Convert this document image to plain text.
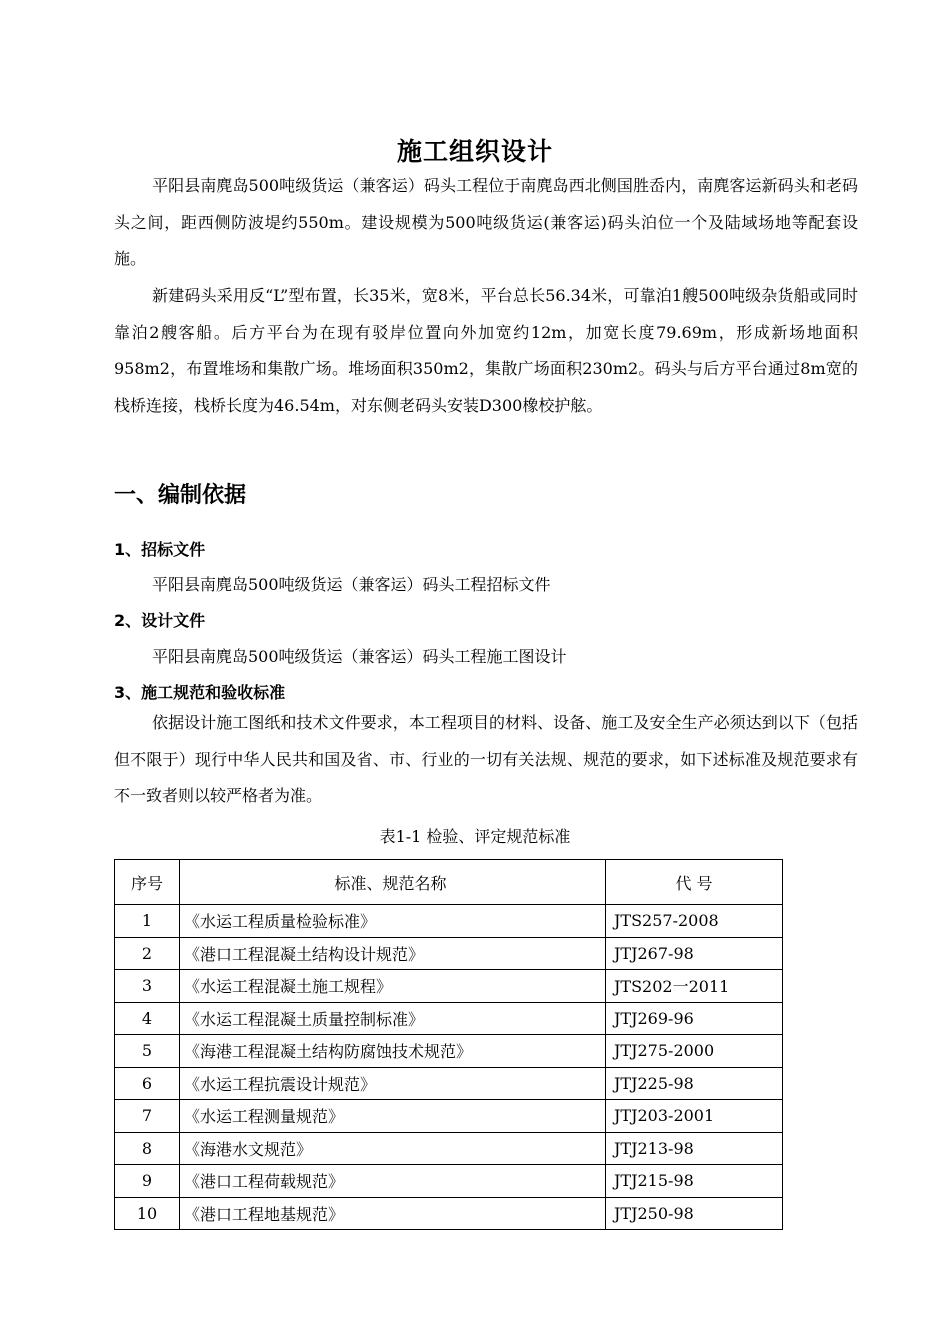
施工组织设计

平阳县南麂岛500吨级货运（兼客运）码头工程位于南麂岛西北侧国胜岙内，南麂客运新码头和老码头之间，距西侧防波堤约550m。建设规模为500吨级货运(兼客运)码头泊位一个及陆域场地等配套设施。

新建码头采用反“L”型布置，长35米，宽8米，平台总长56.34米，可靠泊1艘500吨级杂货船或同时靠泊2艘客船。后方平台为在现有驳岸位置向外加宽约12m，加宽长度79.69m，形成新场地面积958m2，布置堆场和集散广场。堆场面积350m2，集散广场面积230m2。码头与后方平台通过8m宽的栈桥连接，栈桥长度为46.54m，对东侧老码头安装D300橡校护舷。

一、编制依据
1、招标文件
平阳县南麂岛500吨级货运（兼客运）码头工程招标文件
2、设计文件
平阳县南麂岛500吨级货运（兼客运）码头工程施工图设计
3、施工规范和验收标准

依据设计施工图纸和技术文件要求，本工程项目的材料、设备、施工及安全生产必须达到以下（包括但不限于）现行中华人民共和国及省、市、行业的一切有关法规、规范的要求，如下述标准及规范要求有不一致者则以较严格者为准。

表1-1 检验、评定规范标准
序号	标准、规范名称	代 号
1	《水运工程质量检验标准》	JTS257-2008
2	《港口工程混凝土结构设计规范》	JTJ267-98
3	《水运工程混凝土施工规程》	JTS202一2011
4	《水运工程混凝土质量控制标准》	JTJ269-96
5	《海港工程混凝土结构防腐蚀技术规范》	JTJ275-2000
6	《水运工程抗震设计规范》	JTJ225-98
7	《水运工程测量规范》	JTJ203-2001
8	《海港水文规范》	JTJ213-98
9	《港口工程荷载规范》	JTJ215-98
10	《港口工程地基规范》	JTJ250-98
